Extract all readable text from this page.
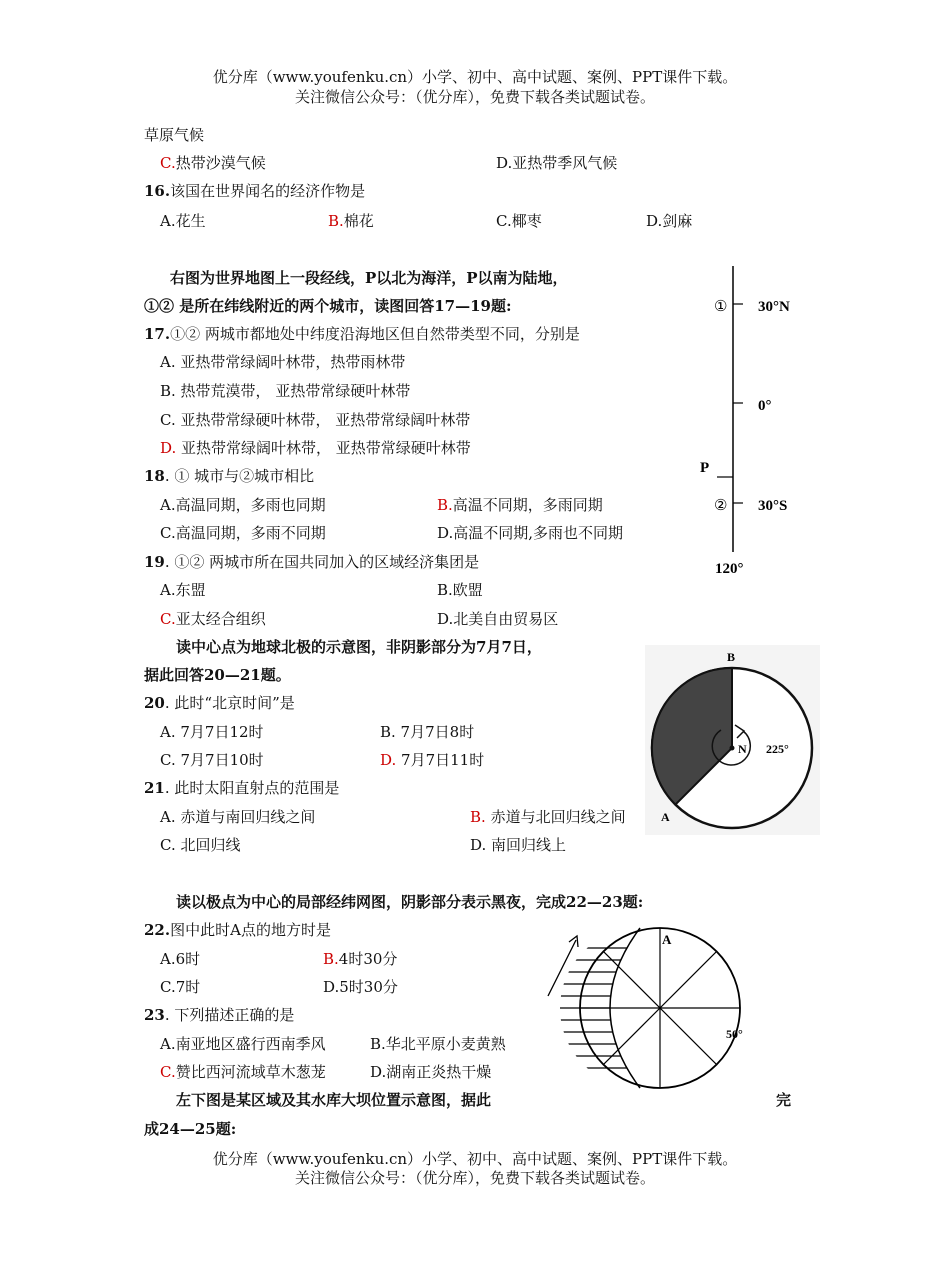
优分库（www.youfenku.cn）小学、初中、高中试题、案例、PPT课件下载。
关注微信公众号：（优分库），免费下载各类试题试卷。
草原气候
C.热带沙漠气候	D.亚热带季风气候
16.该国在世界闻名的经济作物是
A.花生	B.棉花	C.椰枣	D.剑麻
右图为世界地图上一段经线，P以北为海洋，P以南为陆地，
①② 是所在纬线附近的两个城市，读图回答17—19题:
17.①② 两城市都地处中纬度沿海地区但自然带类型不同，分别是
A. 亚热带常绿阔叶林带，热带雨林带
B. 热带荒漠带， 亚热带常绿硬叶林带
C. 亚热带常绿硬叶林带， 亚热带常绿阔叶林带
D. 亚热带常绿阔叶林带， 亚热带常绿硬叶林带
18. ① 城市与②城市相比
A.高温同期，多雨也同期	B.高温不同期，多雨同期
C.高温同期，多雨不同期	D.高温不同期,多雨也不同期
19. ①② 两城市所在国共同加入的区域经济集团是
A.东盟	B.欧盟
C.亚太经合组织	D.北美自由贸易区
① 30°N
0°
P
② 30°S
120°
读中心点为地球北极的示意图，非阴影部分为7月7日，
据此回答20—21题。
20. 此时“北京时间”是
A. 7月7日12时	B. 7月7日8时
C. 7月7日10时	D. 7月7日11时
21. 此时太阳直射点的范围是
A. 赤道与南回归线之间	B. 赤道与北回归线之间
C. 北回归线	D. 南回归线上
B
N 225°
A
读以极点为中心的局部经纬网图，阴影部分表示黑夜，完成22—23题:
22.图中此时A点的地方时是
A.6时	B.4时30分
C.7时	D.5时30分
23. 下列描述正确的是
A.南亚地区盛行西南季风	B.华北平原小麦黄熟
C.赞比西河流域草木葱茏	D.湖南正炎热干燥
A
50°
左下图是某区域及其水库大坝位置示意图，据此	完
成24—25题:
优分库（www.youfenku.cn）小学、初中、高中试题、案例、PPT课件下载。
关注微信公众号：（优分库），免费下载各类试题试卷。
